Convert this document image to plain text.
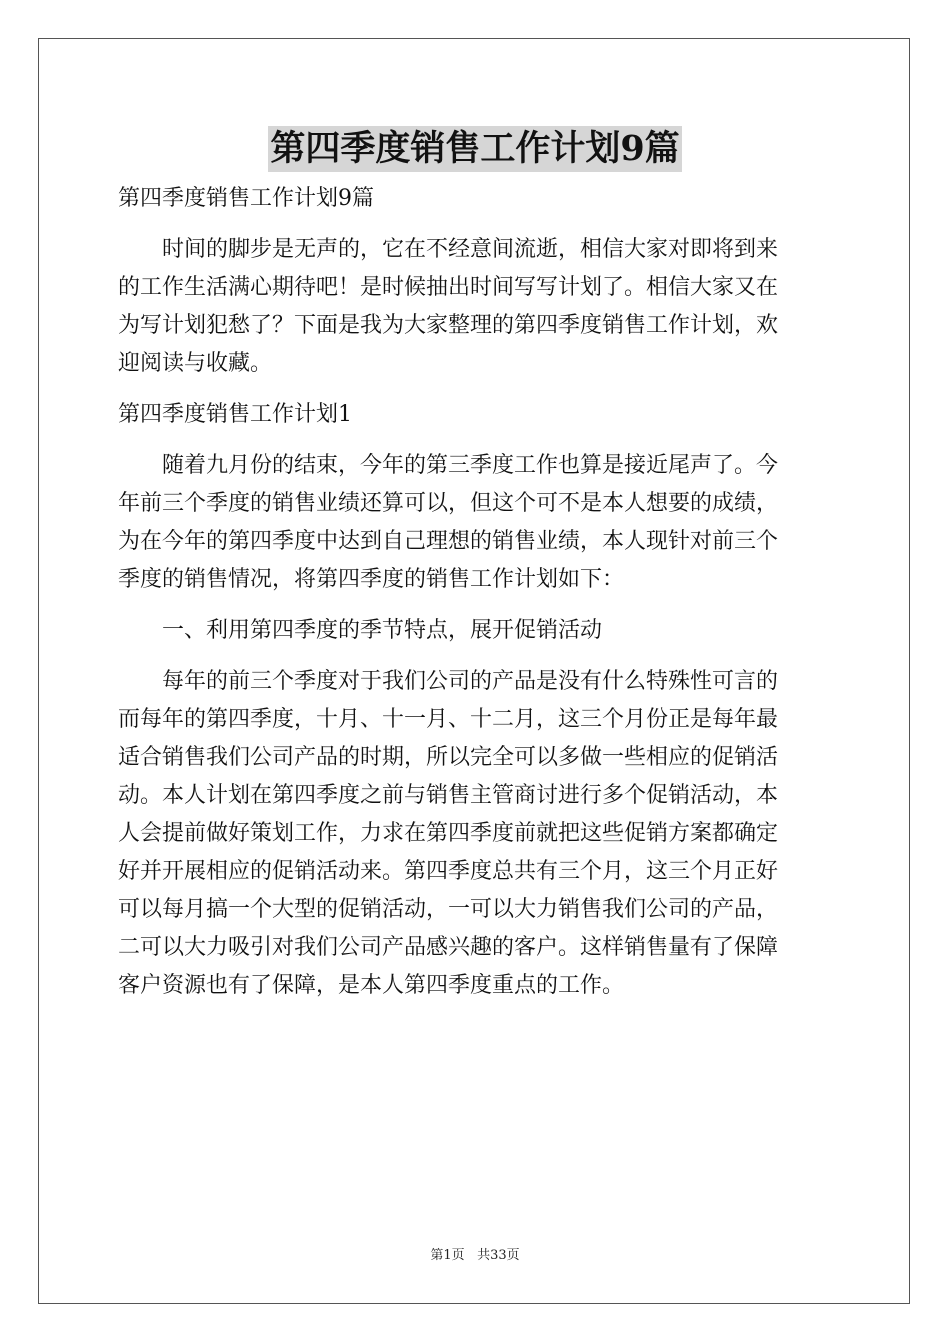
第四季度销售工作计划9篇
第四季度销售工作计划9篇
时间的脚步是无声的，它在不经意间流逝，相信大家对即将到来
的工作生活满心期待吧！是时候抽出时间写写计划了。相信大家又在
为写计划犯愁了？下面是我为大家整理的第四季度销售工作计划，欢
迎阅读与收藏。
第四季度销售工作计划1
随着九月份的结束，今年的第三季度工作也算是接近尾声了。今
年前三个季度的销售业绩还算可以，但这个可不是本人想要的成绩，
为在今年的第四季度中达到自己理想的销售业绩，本人现针对前三个
季度的销售情况，将第四季度的销售工作计划如下：
一、利用第四季度的季节特点，展开促销活动
每年的前三个季度对于我们公司的产品是没有什么特殊性可言的
而每年的第四季度，十月、十一月、十二月，这三个月份正是每年最
适合销售我们公司产品的时期，所以完全可以多做一些相应的促销活
动。本人计划在第四季度之前与销售主管商讨进行多个促销活动，本
人会提前做好策划工作，力求在第四季度前就把这些促销方案都确定
好并开展相应的促销活动来。第四季度总共有三个月，这三个月正好
可以每月搞一个大型的促销活动，一可以大力销售我们公司的产品，
二可以大力吸引对我们公司产品感兴趣的客户。这样销售量有了保障
客户资源也有了保障，是本人第四季度重点的工作。
第1页 共33页
